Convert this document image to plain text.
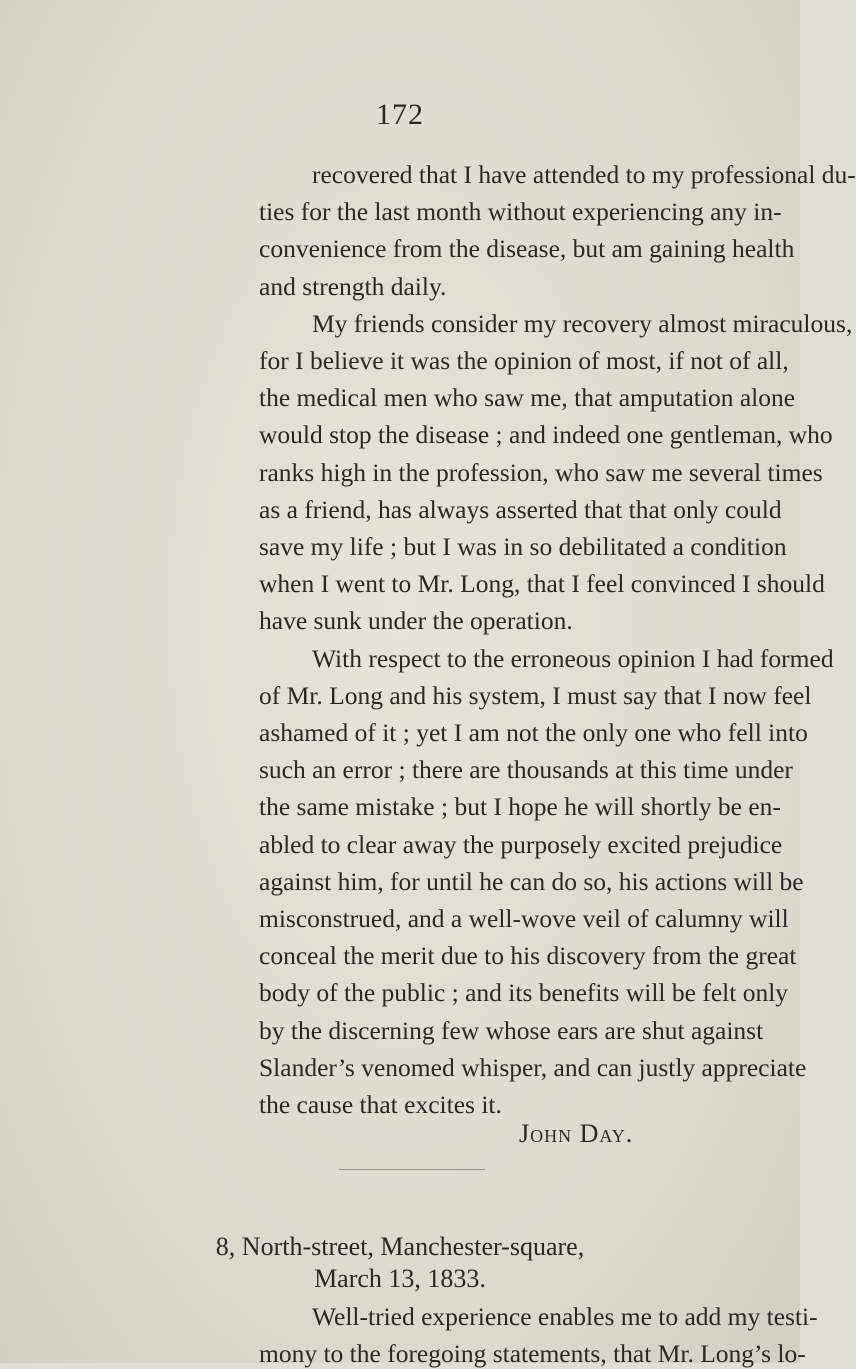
172
recovered that I have attended to my professional du-
ties for the last month without experiencing any in-
convenience from the disease, but am gaining health
and strength daily.
My friends consider my recovery almost miraculous,
for I believe it was the opinion of most, if not of all,
the medical men who saw me, that amputation alone
would stop the disease ; and indeed one gentleman, who
ranks high in the profession, who saw me several times
as a friend, has always asserted that that only could
save my life ; but I was in so debilitated a condition
when I went to Mr. Long, that I feel convinced I should
have sunk under the operation.
With respect to the erroneous opinion I had formed
of Mr. Long and his system, I must say that I now feel
ashamed of it ; yet I am not the only one who fell into
such an error ; there are thousands at this time under
the same mistake ; but I hope he will shortly be en-
abled to clear away the purposely excited prejudice
against him, for until he can do so, his actions will be
misconstrued, and a well-wove veil of calumny will
conceal the merit due to his discovery from the great
body of the public ; and its benefits will be felt only
by the discerning few whose ears are shut against
Slander’s venomed whisper, and can justly appreciate
the cause that excites it.
John Day.
8, North-street, Manchester-square,
March 13, 1833.
Well-tried experience enables me to add my testi-
mony to the foregoing statements, that Mr. Long’s lo-
